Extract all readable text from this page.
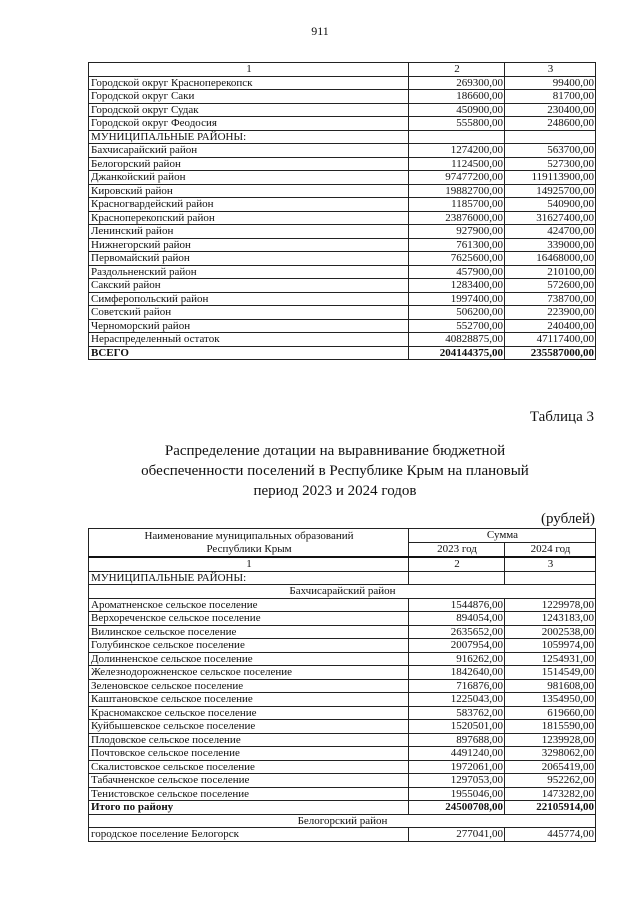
911
1	2	3
Городской округ Красноперекопск	269300,00	99400,00
Городской округ Саки	186600,00	81700,00
Городской округ Судак	450900,00	230400,00
Городской округ Феодосия	555800,00	248600,00
МУНИЦИПАЛЬНЫЕ РАЙОНЫ:		
Бахчисарайский район	1274200,00	563700,00
Белогорский район	1124500,00	527300,00
Джанкойский район	97477200,00	119113900,00
Кировский район	19882700,00	14925700,00
Красногвардейский район	1185700,00	540900,00
Красноперекопский район	23876000,00	31627400,00
Ленинский район	927900,00	424700,00
Нижнегорский район	761300,00	339000,00
Первомайский район	7625600,00	16468000,00
Раздольненский район	457900,00	210100,00
Сакский район	1283400,00	572600,00
Симферопольский район	1997400,00	738700,00
Советский район	506200,00	223900,00
Черноморский район	552700,00	240400,00
Нераспределенный остаток	40828875,00	47117400,00
ВСЕГО	204144375,00	235587000,00
Таблица 3
Распределение дотации на выравнивание бюджетной
обеспеченности поселений в Республике Крым на плановый
период 2023 и 2024 годов
(рублей)
Наименование муниципальных образований
Республики Крым	Сумма	
	2023 год	2024 год
1	2	3
МУНИЦИПАЛЬНЫЕ РАЙОНЫ:		
Бахчисарайский район		
Ароматненское сельское поселение	1544876,00	1229978,00
Верхореченское сельское поселение	894054,00	1243183,00
Вилинское сельское поселение	2635652,00	2002538,00
Голубинское сельское поселение	2007954,00	1059974,00
Долинненское сельское поселение	916262,00	1254931,00
Железнодорожненское сельское поселение	1842640,00	1514549,00
Зеленовское сельское поселение	716876,00	981608,00
Каштановское сельское поселение	1225043,00	1354950,00
Красномакское сельское поселение	583762,00	619660,00
Куйбышевское сельское поселение	1520501,00	1815590,00
Плодовское сельское поселение	897688,00	1239928,00
Почтовское сельское поселение	4491240,00	3298062,00
Скалистовское сельское поселение	1972061,00	2065419,00
Табачненское сельское поселение	1297053,00	952262,00
Тенистовское сельское поселение	1955046,00	1473282,00
Итого по району	24500708,00	22105914,00
Белогорский район		
городское поселение Белогорск	277041,00	445774,00
